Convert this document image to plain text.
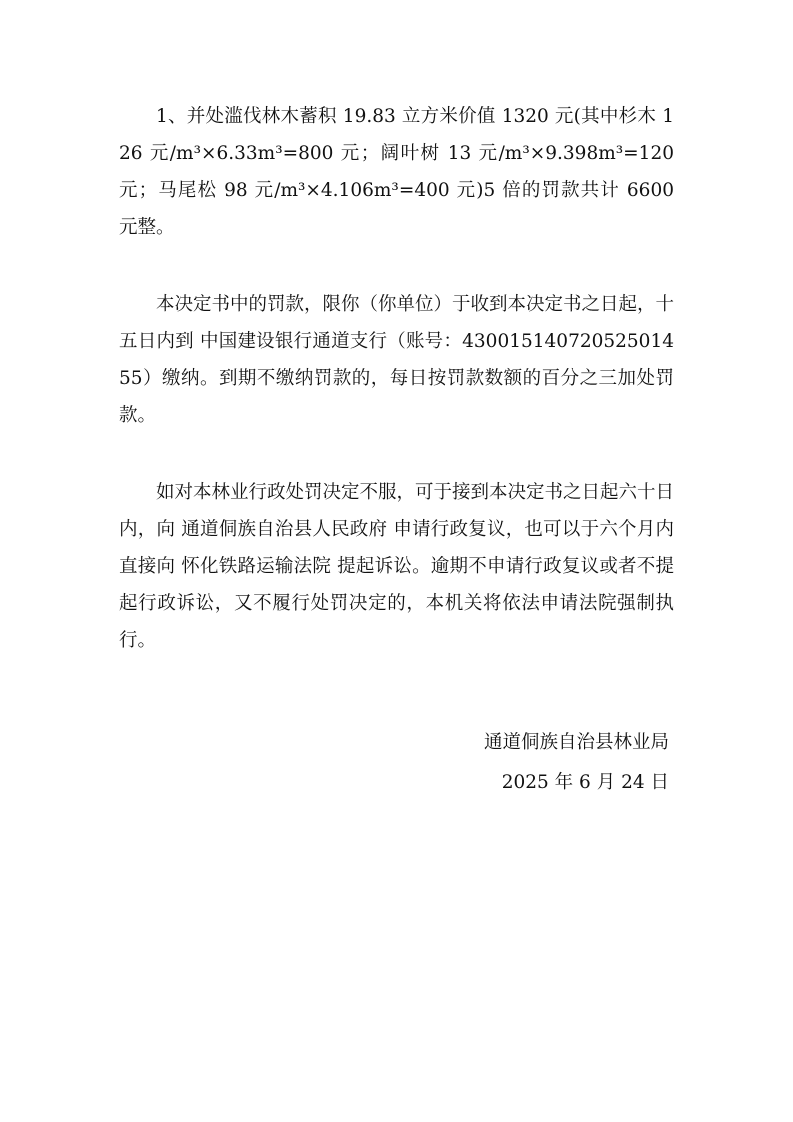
1、并处滥伐林木蓄积 19.83 立方米价值 1320 元(其中杉木 126 元/m³×6.33m³=800 元；阔叶树 13 元/m³×9.398m³=120 元；马尾松 98 元/m³×4.106m³=400 元)5 倍的罚款共计 6600 元整。

本决定书中的罚款，限你（你单位）于收到本决定书之日起，十五日内到 中国建设银行通道支行（账号：43001514072052501455）缴纳。到期不缴纳罚款的，每日按罚款数额的百分之三加处罚款。

如对本林业行政处罚决定不服，可于接到本决定书之日起六十日内，向 通道侗族自治县人民政府 申请行政复议，也可以于六个月内直接向 怀化铁路运输法院 提起诉讼。逾期不申请行政复议或者不提起行政诉讼，又不履行处罚决定的，本机关将依法申请法院强制执行。

通道侗族自治县林业局

2025 年 6 月 24 日
